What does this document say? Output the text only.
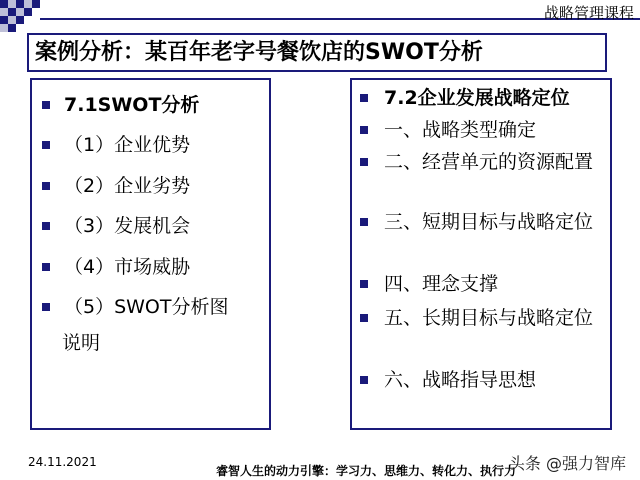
战略管理课程
案例分析：某百年老字号餐饮店的SWOT分析
7.1SWOT分析
（1）企业优势
（2）企业劣势
（3）发展机会
（4）市场威胁
（5）SWOT分析图
说明
7.2企业发展战略定位
一、战略类型确定
二、经营单元的资源配置
三、短期目标与战略定位
四、理念支撑
五、长期目标与战略定位
六、战略指导思想
24.11.2021
睿智人生的动力引擎：学习力、思维力、转化力、执行力
头条 @强力智库
